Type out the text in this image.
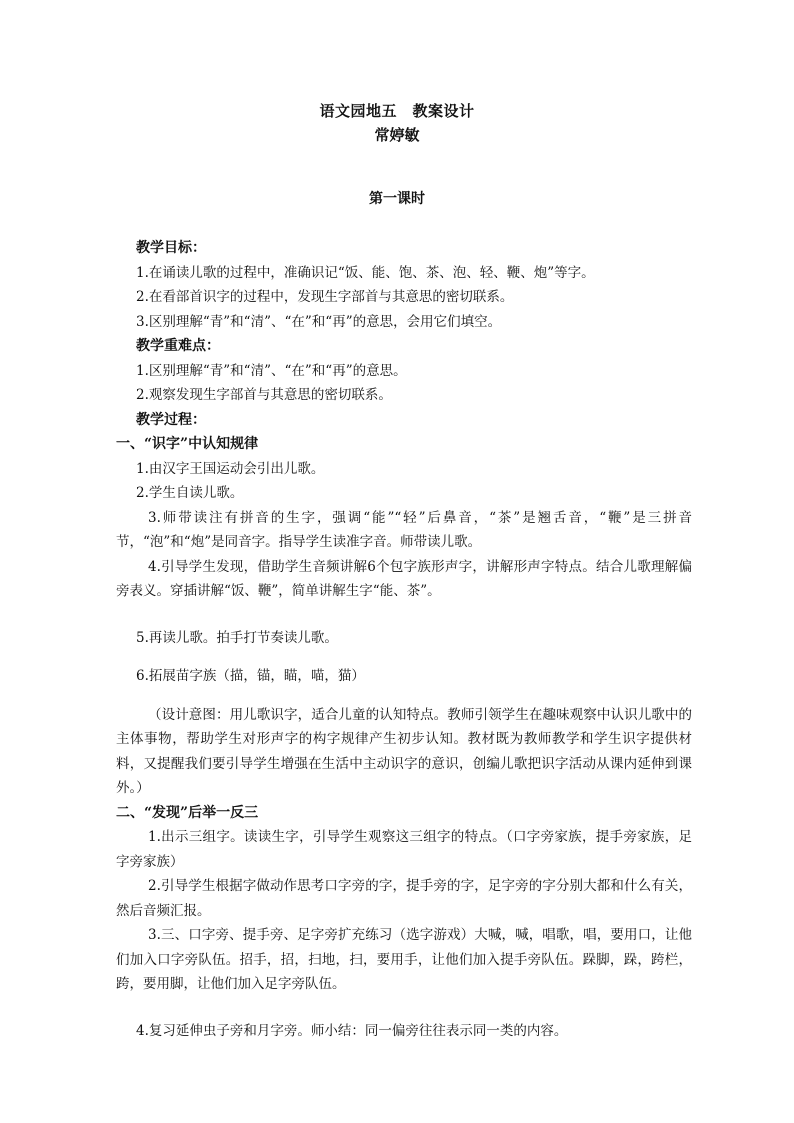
语文园地五　教案设计
常婷敏
第一课时
教学目标：
1.在诵读儿歌的过程中，准确识记“饭、能、饱、茶、泡、轻、鞭、炮”等字。
2.在看部首识字的过程中，发现生字部首与其意思的密切联系。
3.区别理解“青”和“清”、“在”和“再”的意思，会用它们填空。
教学重难点：
1.区别理解“青”和“清”、“在”和“再”的意思。
2.观察发现生字部首与其意思的密切联系。
教学过程：
一、“识字”中认知规律
1.由汉字王国运动会引出儿歌。
2.学生自读儿歌。
3.师带读注有拼音的生字，强调“能”“轻”后鼻音，“茶”是翘舌音，“鞭”是三拼音节，“泡”和“炮”是同音字。指导学生读准字音。师带读儿歌。
4.引导学生发现，借助学生音频讲解6个包字族形声字，讲解形声字特点。结合儿歌理解偏旁表义。穿插讲解“饭、鞭”，简单讲解生字“能、茶”。
5.再读儿歌。拍手打节奏读儿歌。
6.拓展苗字族（描，锚，瞄，喵，猫）
（设计意图：用儿歌识字，适合儿童的认知特点。教师引领学生在趣味观察中认识儿歌中的主体事物，帮助学生对形声字的构字规律产生初步认知。教材既为教师教学和学生识字提供材料，又提醒我们要引导学生增强在生活中主动识字的意识，创编儿歌把识字活动从课内延伸到课外。）
二、“发现”后举一反三
1.出示三组字。读读生字，引导学生观察这三组字的特点。（口字旁家族，提手旁家族，足字旁家族）
2.引导学生根据字做动作思考口字旁的字，提手旁的字，足字旁的字分别大都和什么有关，然后音频汇报。
3.三、口字旁、提手旁、足字旁扩充练习（选字游戏）大喊，喊，唱歌，唱，要用口，让他们加入口字旁队伍。招手，招，扫地，扫，要用手，让他们加入提手旁队伍。跺脚，跺，跨栏，跨，要用脚，让他们加入足字旁队伍。
4.复习延伸虫子旁和月字旁。师小结：同一偏旁往往表示同一类的内容。
